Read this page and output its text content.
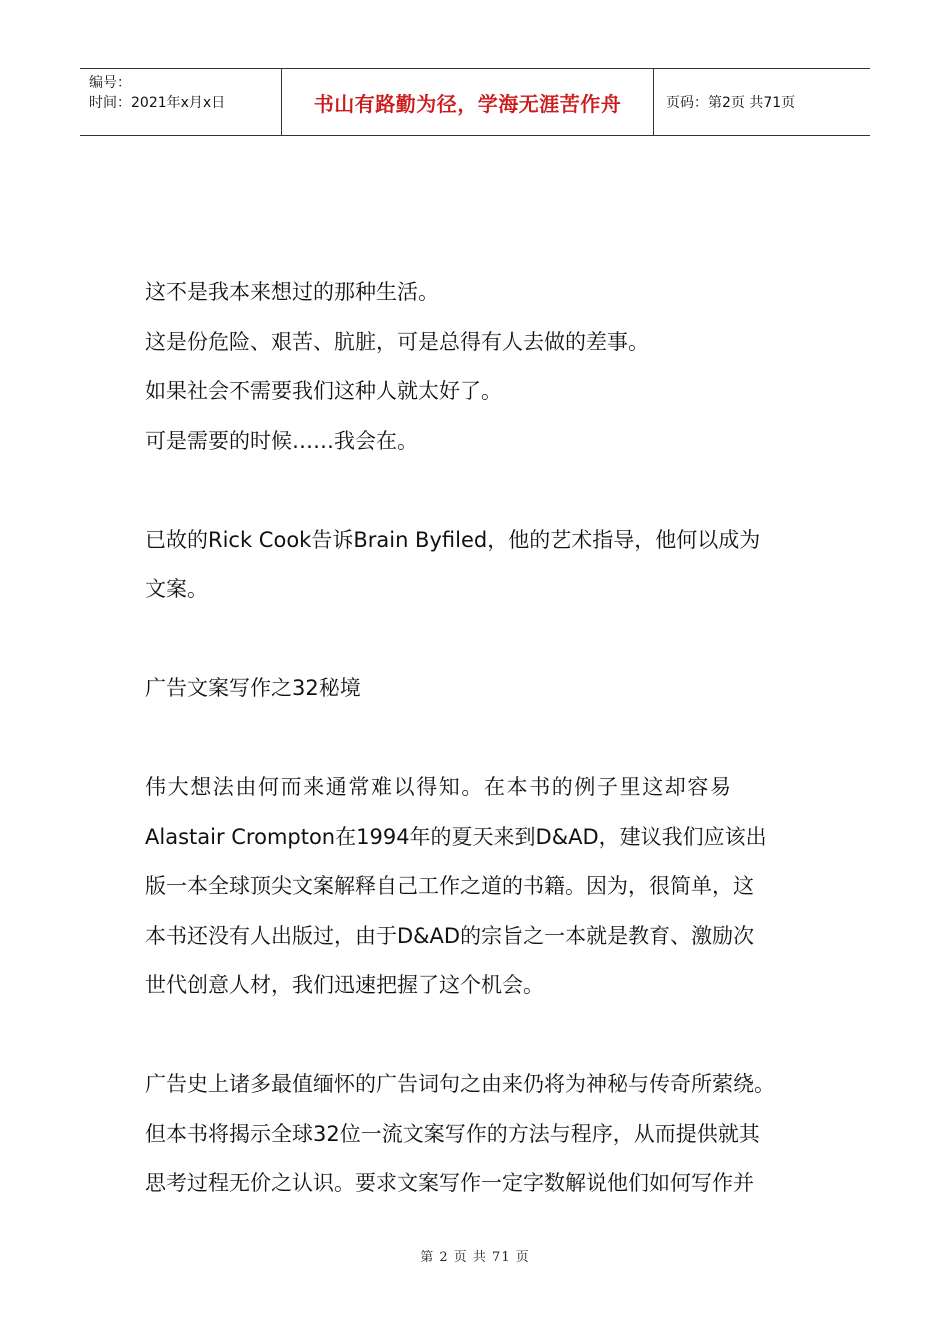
编号：
时间：2021年x月x日	书山有路勤为径，学海无涯苦作舟	页码：第2页 共71页

这不是我本来想过的那种生活。

这是份危险、艰苦、肮脏，可是总得有人去做的差事。

如果社会不需要我们这种人就太好了。

可是需要的时候……我会在。

已故的Rick Cook告诉Brain Byfiled，他的艺术指导，他何以成为

文案。

广告文案写作之32秘境

伟大想法由何而来通常难以得知。在本书的例子里这却容易

Alastair Crompton在1994年的夏天来到D&AD，建议我们应该出

版一本全球顶尖文案解释自己工作之道的书籍。因为，很简单，这

本书还没有人出版过，由于D&AD的宗旨之一本就是教育、激励次

世代创意人材，我们迅速把握了这个机会。

广告史上诸多最值缅怀的广告词句之由来仍将为神秘与传奇所萦绕。

但本书将揭示全球32位一流文案写作的方法与程序，从而提供就其

思考过程无价之认识。要求文案写作一定字数解说他们如何写作并

第 2 页 共 71 页
